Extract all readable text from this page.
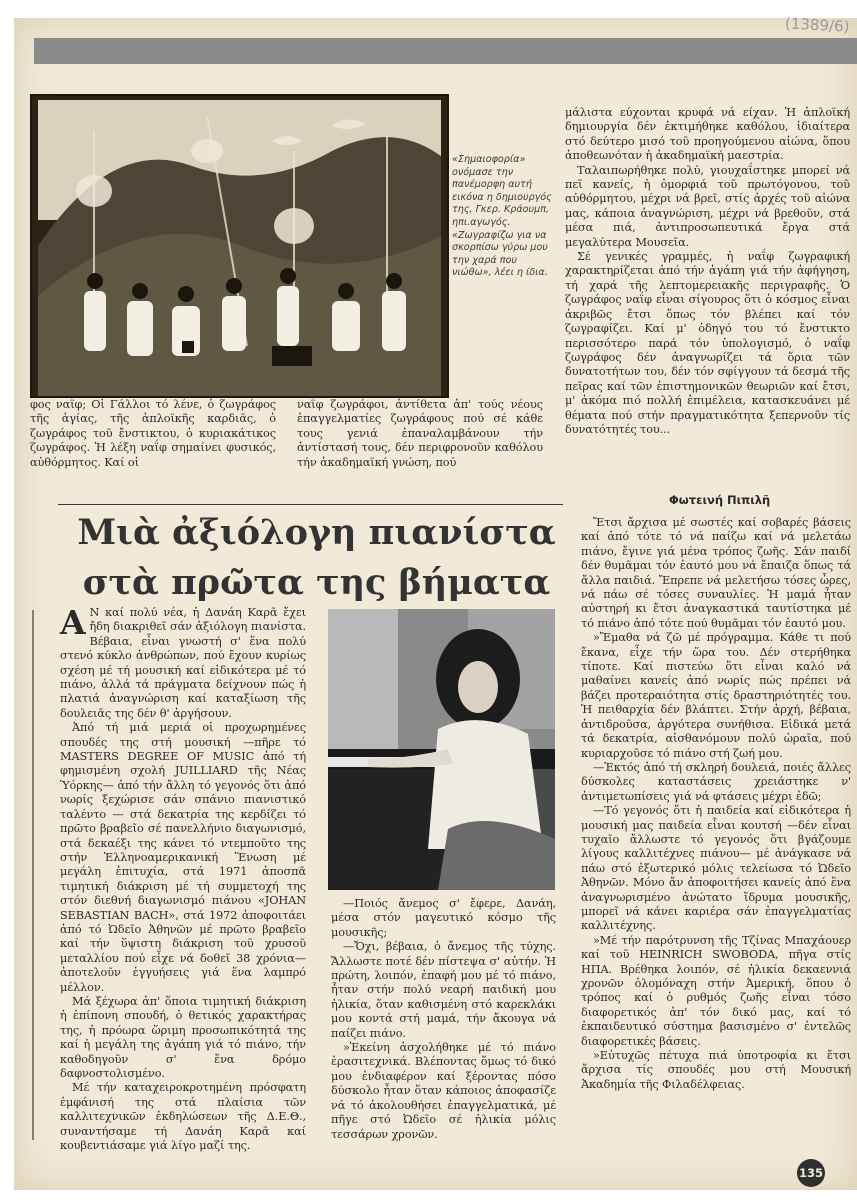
(1389/6)
«Σημαιοφορία» ονόμασε την πανέμορφη αυτή εικόνα η δημιουργός της, Γκερ. Κράουμπ, ηπι.αγωγός. «Ζωγραφίζω για να σκορπίσω γύρω μου την χαρά που νιώθω», λέει η ίδια.

μάλιστα εύχονται κρυφά νά είχαν. Ἡ ἀπλοϊκή δημιουργία δέν ἐκτιμήθηκε καθόλου, ἰδιαίτερα στό δεύτερο μισό τοῦ προηγούμενου αἰώνα, ὅπου ἀποθεωνόταν ἡ ἀκαδημαϊκή μαεστρία.

Ταλαιπωρήθηκε πολύ, γιουχαΐστηκε μπορεί νά πεῖ κανείς, ἡ ὀμορφιά τοῦ πρωτόγονου, τοῦ αὐθόρμητου, μέχρι νά βρεῖ, στίς ἀρχές τοῦ αἰώνα μας, κάποια ἀναγνώριση, μέχρι νά βρεθοῦν, στά μέσα πιά, ἀντιπροσωπευτικά ἔργα στά μεγαλύτερα Μουσεῖα.

Σέ γενικές γραμμές, ἡ ναΐφ ζωγραφική χαρακτηρίζεται ἀπό τήν ἀγάπη γιά τήν ἀφήγηση, τή χαρά τῆς λεπτομερειακῆς περιγραφῆς. Ὁ ζωγράφος ναΐφ εἶναι σίγουρος ὅτι ὁ κόσμος εἶναι ἀκριβῶς ἔτσι ὅπως τόν βλέπει καί τόν ζωγραφίζει. Καί μ' ὁδηγό του τό ἔνστικτο περισσότερο παρά τόν ὑπολογισμό, ὁ ναΐφ ζωγράφος δέν ἀναγνωρίζει τά ὅρια τῶν δυνατοτήτων του, δέν τόν σφίγγουν τά δεσμά τῆς πεῖρας καί τῶν ἐπιστημονικῶν θεωριῶν καί ἔτσι, μ' ἀκόμα πιό πολλή ἐπιμέλεια, κατασκευάνει μέ θέματα πού στήν πραγματικότητα ξεπερνοῦν τίς δυνατότητές του...

φος ναΐφ; Οἱ Γάλλοι τό λένε, ὁ ζωγράφος τῆς ἁγίας, τῆς ἁπλοϊκῆς καρδιᾶς, ὁ ζωγράφος τοῦ ἔνστικτου, ὁ κυριακάτικος ζωγράφος. Ἡ λέξη ναΐφ σημαίνει φυσικός, αὐθόρμητος. Καί οἱ

ναΐφ ζωγράφοι, ἀντίθετα ἀπ' τούς νέους ἐπαγγελματίες ζωγράφους πού σέ κάθε τους γενιά ἐπαναλαμβάνουν τήν ἀντίστασή τους, δέν περιφρονοῦν καθόλου τήν ἀκαδημαϊκή γνώση, πού

Φωτεινή Πιπιλῆ
Μιὰ ἀξιόλογη πιανίστα
στὰ πρῶτα της βήματα

Α Ν καί πολύ νέα, ἡ Δανάη Καρᾶ ἔχει ἤδη διακριθεῖ σάν ἀξιόλογη πιανίστα. Βέβαια, εἶναι γνωστή σ' ἕνα πολύ στενό κύκλο ἀνθρώπων, πού ἔχουν κυρίως σχέση μέ τή μουσική καί εἰδικότερα μέ τό πιάνο, ἀλλά τά πράγματα δείχνουν πώς ἡ πλατιά ἀναγνώριση καί καταξίωση τῆς δουλειᾶς της δέν θ' ἀργήσουν.

Ἀπό τή μιά μεριά οἱ προχωρημένες σπουδές της στή μουσική —πῆρε τό MASTERS DEGREE OF MUSIC ἀπό τή φημισμένη σχολή JUILLIARD τῆς Νέας Ὑόρκης— ἀπό τήν ἄλλη τό γεγονός ὅτι ἀπό νωρίς ξεχώρισε σάν σπάνιο πιανιστικό ταλέντο — στά δεκατρία της κερδίζει τό πρῶτο βραβεῖο σέ πανελλήνιο διαγωνισμό, στά δεκαέξι της κάνει τό ντεμποῦτο της στήν Ἑλληνοαμερικανική Ἕνωση μέ μεγάλη ἐπιτυχία, στά 1971 ἀποσπᾶ τιμητική διάκριση μέ τή συμμετοχή της στόν διεθνή διαγωνισμό πιάνου «JOHAN SEBASTIAN BACH», στά 1972 ἀποφοιτάει ἀπό τό Ὠδεῖο Ἀθηνῶν μέ πρῶτο βραβεῖο καί τήν ὕψιστη διάκριση τοῦ χρυσοῦ μεταλλίου πού εἶχε νά δοθεῖ 38 χρόνια— ἀποτελοῦν ἐγγυήσεις γιά ἕνα λαμπρό μέλλον.

Μά ξέχωρα ἀπ' ὅποια τιμητική διάκριση ἡ ἐπίπονη σπουδή, ὁ θετικός χαρακτήρας της, ἡ πρόωρα ὥριμη προσωπικότητά της καί ἡ μεγάλη της ἀγάπη γιά τό πιάνο, τήν καθοδηγοῦν σ' ἕνα δρόμο δαφνοστολισμένο.

Μέ τήν καταχειροκροτημένη πρόσφατη ἐμφάνισή της στά πλαίσια τῶν καλλιτεχνικῶν ἐκδηλώσεων τῆς Δ.Ε.Θ., συναντήσαμε τή Δανάη Καρᾶ καί κουβεντιάσαμε γιά λίγο μαζί της.

—Ποιός ἄνεμος σ' ἔφερε, Δανάη, μέσα στόν μαγευτικό κόσμο τῆς μουσικῆς;

—Ὄχι, βέβαια, ὁ ἄνεμος τῆς τύχης. Ἄλλωστε ποτέ δέν πίστεψα σ' αὐτήν. Ἡ πρώτη, λοιπόν, ἐπαφή μου μέ τό πιάνο, ἦταν στήν πολύ νεαρή παιδική μου ἡλικία, ὅταν καθισμένη στό καρεκλάκι μου κοντά στή μαμά, τήν ἄκουγα νά παίζει πιάνο.

»Ἐκείνη ἀσχολήθηκε μέ τό πιάνο ἐρασιτεχνικά. Βλέποντας ὅμως τό δικό μου ἐνδιαφέρον καί ξέροντας πόσο δύσκολο ἦταν ὅταν κάποιος ἀποφασίζε νά τό ἀκολουθήσει ἐπαγγελματικά, μέ πῆγε στό Ὠδεῖο σέ ἡλικία μόλις τεσσάρων χρονῶν.

Ἔτσι ἄρχισα μέ σωστές καί σοβαρές βάσεις καί ἀπό τότε τό νά παίζω καί νά μελετάω πιάνο, ἔγινε γιά μένα τρόπος ζωῆς. Σάν παιδί δέν θυμᾶμαι τόν ἑαυτό μου νά ἔπαιζα ὅπως τά ἄλλα παιδιά. Ἔπρεπε νά μελετήσω τόσες ὧρες, νά πάω σέ τόσες συναυλίες. Ἡ μαμά ἦταν αὐστηρή κι ἔτσι ἀναγκαστικά ταυτίστηκα μέ τό πιάνο ἀπό τότε πού θυμᾶμαι τόν ἑαυτό μου.

»Ἔμαθα νά ζῶ μέ πρόγραμμα. Κάθε τι πού ἔκανα, εἶχε τήν ὥρα του. Δέν στερήθηκα τίποτε. Καί πιστεύω ὅτι εἶναι καλό νά μαθαίνει κανείς ἀπό νωρίς πώς πρέπει νά βάζει προτεραιότητα στίς δραστηριότητές του. Ἡ πειθαρχία δέν βλάπτει. Στήν ἀρχή, βέβαια, ἀντιδροῦσα, ἀργότερα συνήθισα. Εἰδικά μετά τά δεκατρία, αἰσθανόμουν πολύ ὡραῖα, πού κυριαρχοῦσε τό πιάνο στή ζωή μου.

—Ἐκτός ἀπό τή σκληρή δουλειά, ποιές ἄλλες δύσκολες καταστάσεις χρειάστηκε ν' ἀντιμετωπίσεις γιά νά φτάσεις μέχρι ἐδῶ;

—Τό γεγονός ὅτι ἡ παιδεία καί εἰδικότερα ἡ μουσική μας παιδεία εἶναι κουτσή —δέν εἶναι τυχαῖο ἄλλωστε τό γεγονός ὅτι βγάζουμε λίγους καλλιτέχνες πιάνου— μέ ἀνάγκασε νά πάω στό ἐξωτερικό μόλις τελείωσα τό Ὠδεῖο Ἀθηνῶν. Μόνο ἄν ἀποφοιτήσει κανείς ἀπό ἕνα ἀναγνωρισμένο ἀνώτατο ἵδρυμα μουσικῆς, μπορεῖ νά κάνει καριέρα σάν ἐπαγγελματίας καλλιτέχνης.

»Μέ τήν παρότρυνση τῆς Τζίνας Μπαχάουερ καί τοῦ HEINRICH SWOBODA, πῆγα στίς ΗΠΑ. Βρέθηκα λοιπόν, σέ ἡλικία δεκαεννιά χρονῶν ὁλομόναχη στήν Ἀμερική, ὅπου ὁ τρόπος καί ὁ ρυθμός ζωῆς εἶναι τόσο διαφορετικός ἀπ' τόν δικό μας, καί τό ἐκπαιδευτικό σύστημα βασισμένο σ' ἐντελῶς διαφορετικές βάσεις.

»Εὐτυχῶς πέτυχα πιά ὑποτροφία κι ἔτσι ἄρχισα τίς σπουδές μου στή Μουσική Ἀκαδημία τῆς Φιλαδέλφειας.

135
